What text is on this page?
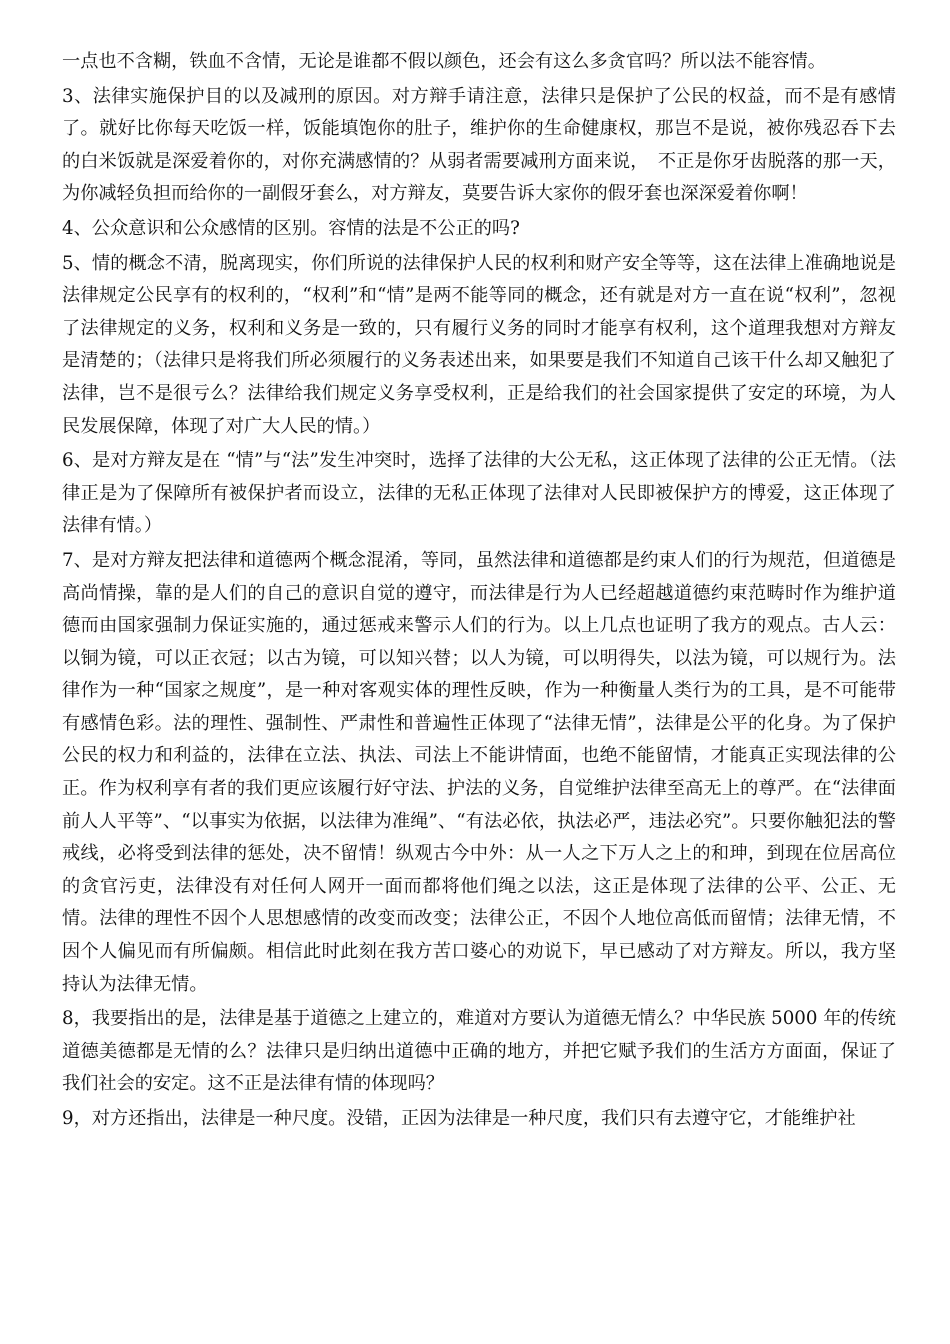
一点也不含糊，铁血不含情，无论是谁都不假以颜色，还会有这么多贪官吗？所以法不能容情。

3、法律实施保护目的以及减刑的原因。对方辩手请注意，法律只是保护了公民的权益，而不是有感情了。就好比你每天吃饭一样，饭能填饱你的肚子，维护你的生命健康权，那岂不是说，被你残忍吞下去的白米饭就是深爱着你的，对你充满感情的？从弱者需要减刑方面来说，　不正是你牙齿脱落的那一天，为你减轻负担而给你的一副假牙套么，对方辩友，莫要告诉大家你的假牙套也深深爱着你啊！

4、公众意识和公众感情的区别。容情的法是不公正的吗?

5、情的概念不清，脱离现实，你们所说的法律保护人民的权利和财产安全等等，这在法律上准确地说是法律规定公民享有的权利的，“权利”和“情”是两不能等同的概念，还有就是对方一直在说“权利”，忽视了法律规定的义务，权利和义务是一致的，只有履行义务的同时才能享有权利，这个道理我想对方辩友是清楚的；（法律只是将我们所必须履行的义务表述出来，如果要是我们不知道自己该干什么却又触犯了法律，岂不是很亏么？法律给我们规定义务享受权利，正是给我们的社会国家提供了安定的环境，为人民发展保障，体现了对广大人民的情。）

6、是对方辩友是在 “情”与“法”发生冲突时，选择了法律的大公无私，这正体现了法律的公正无情。（法律正是为了保障所有被保护者而设立，法律的无私正体现了法律对人民即被保护方的博爱，这正体现了法律有情。）

7、是对方辩友把法律和道德两个概念混淆，等同，虽然法律和道德都是约束人们的行为规范，但道德是高尚情操，靠的是人们的自己的意识自觉的遵守，而法律是行为人已经超越道德约束范畴时作为维护道德而由国家强制力保证实施的，通过惩戒来警示人们的行为。以上几点也证明了我方的观点。古人云：以铜为镜，可以正衣冠；以古为镜，可以知兴替；以人为镜，可以明得失，以法为镜，可以规行为。法律作为一种“国家之规度”，是一种对客观实体的理性反映，作为一种衡量人类行为的工具，是不可能带有感情色彩。法的理性、强制性、严肃性和普遍性正体现了“法律无情”，法律是公平的化身。为了保护公民的权力和利益的，法律在立法、执法、司法上不能讲情面，也绝不能留情，才能真正实现法律的公正。作为权利享有者的我们更应该履行好守法、护法的义务，自觉维护法律至高无上的尊严。在“法律面前人人平等”、“以事实为依据，以法律为准绳”、“有法必依，执法必严，违法必究”。只要你触犯法的警戒线，必将受到法律的惩处，决不留情！纵观古今中外：从一人之下万人之上的和珅，到现在位居高位的贪官污吏，法律没有对任何人网开一面而都将他们绳之以法，这正是体现了法律的公平、公正、无情。法律的理性不因个人思想感情的改变而改变；法律公正，不因个人地位高低而留情；法律无情，不因个人偏见而有所偏颇。相信此时此刻在我方苦口婆心的劝说下，早已感动了对方辩友。所以，我方坚持认为法律无情。

8，我要指出的是，法律是基于道德之上建立的，难道对方要认为道德无情么？中华民族 5000 年的传统道德美德都是无情的么？法律只是归纳出道德中正确的地方，并把它赋予我们的生活方方面面，保证了我们社会的安定。这不正是法律有情的体现吗？

9，对方还指出，法律是一种尺度。没错，正因为法律是一种尺度，我们只有去遵守它，才能维护社
